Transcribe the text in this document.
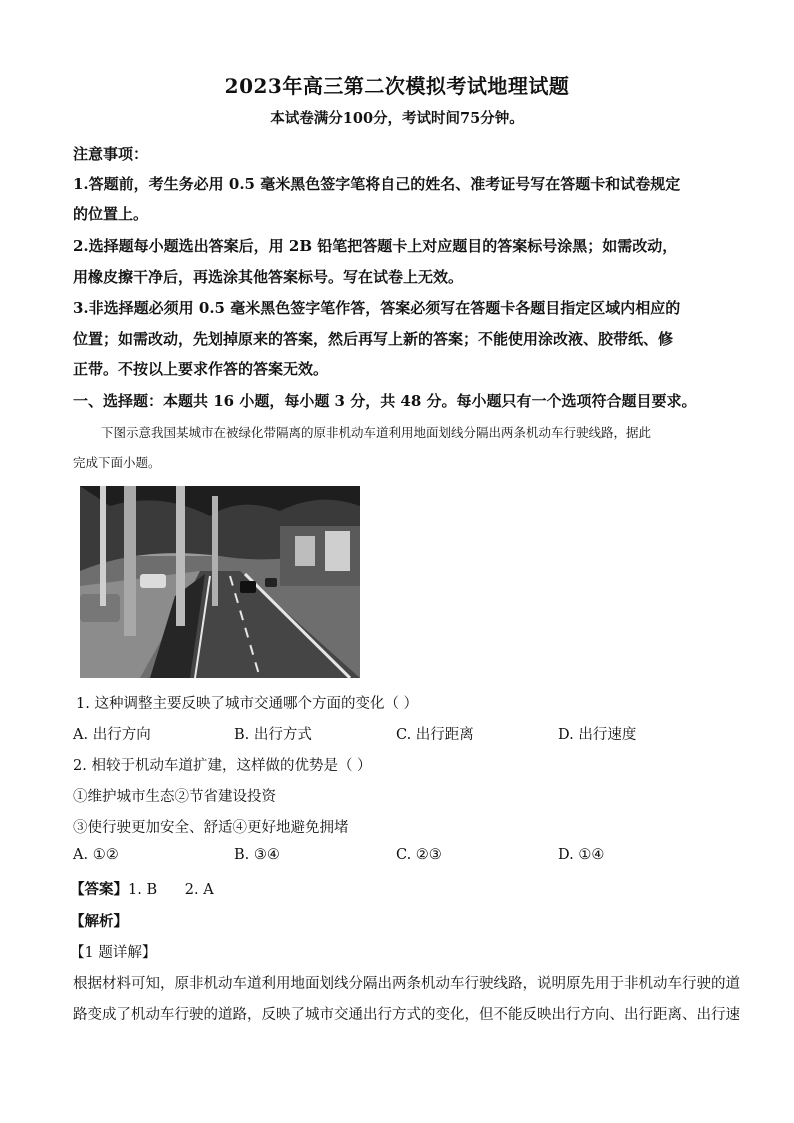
2023年高三第二次模拟考试地理试题
本试卷满分100分，考试时间75分钟。
注意事项：
1.答题前，考生务必用 0.5 毫米黑色签字笔将自己的姓名、准考证号写在答题卡和试卷规定
的位置上。
2.选择题每小题选出答案后，用 2B 铅笔把答题卡上对应题目的答案标号涂黑；如需改动，
用橡皮擦干净后，再选涂其他答案标号。写在试卷上无效。
3.非选择题必须用 0.5 毫米黑色签字笔作答，答案必须写在答题卡各题目指定区域内相应的
位置；如需改动，先划掉原来的答案，然后再写上新的答案；不能使用涂改液、胶带纸、修
正带。不按以上要求作答的答案无效。
一、选择题：本题共 16 小题，每小题 3 分，共 48 分。每小题只有一个选项符合题目要求。
下图示意我国某城市在被绿化带隔离的原非机动车道利用地面划线分隔出两条机动车行驶线路，据此
完成下面小题。
1. 这种调整主要反映了城市交通哪个方面的变化（ ）
A. 出行方向	B. 出行方式	C. 出行距离	D. 出行速度
2. 相较于机动车道扩建，这样做的优势是（ ）
①维护城市生态②节省建设投资
③使行驶更加安全、舒适④更好地避免拥堵
A. ①②	B. ③④	C. ②③	D. ①④
【答案】1. B      2. A
【解析】
【1 题详解】
根据材料可知，原非机动车道利用地面划线分隔出两条机动车行驶线路，说明原先用于非机动车行驶的道
路变成了机动车行驶的道路，反映了城市交通出行方式的变化，但不能反映出行方向、出行距离、出行速
